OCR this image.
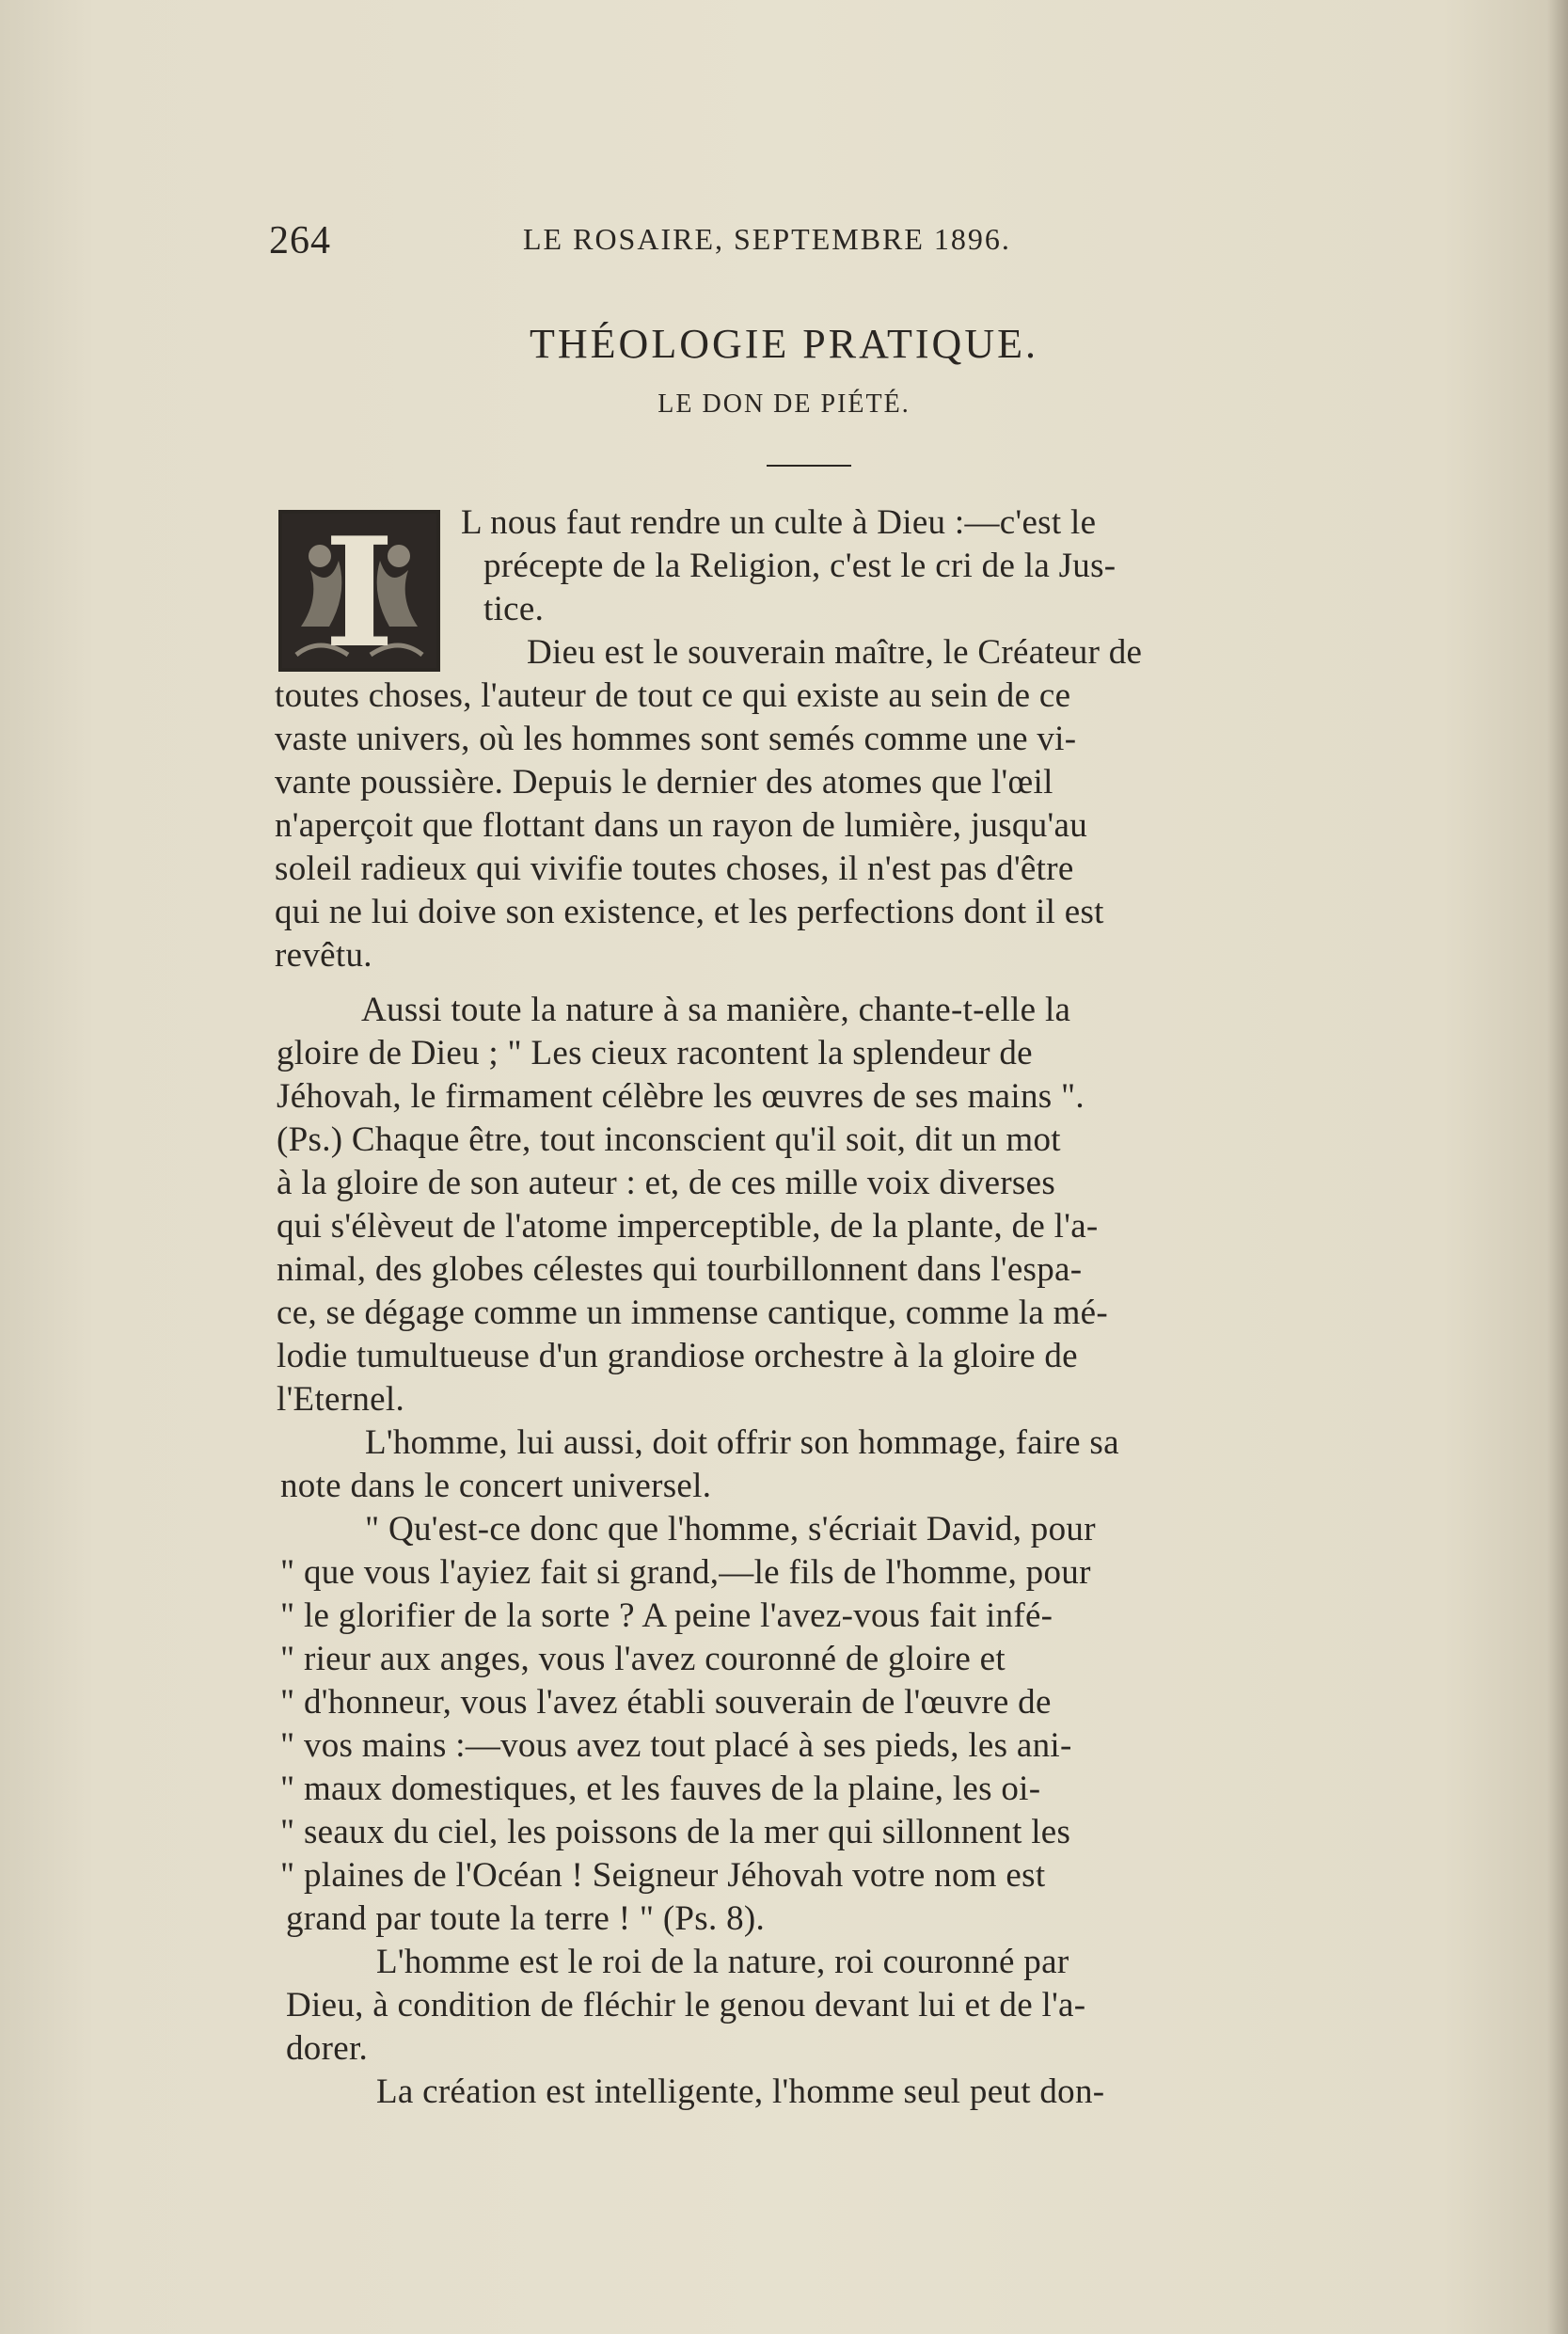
264	LE ROSAIRE, SEPTEMBRE 1896.
THÉOLOGIE PRATIQUE.
LE DON DE PIÉTÉ.
I	L nous faut rendre un culte à Dieu :—c'est le
précepte de la Religion, c'est le cri de la Jus-
tice.
Dieu est le souverain maître, le Créateur de
toutes choses, l'auteur de tout ce qui existe au sein de ce
vaste univers, où les hommes sont semés comme une vi-
vante poussière. Depuis le dernier des atomes que l'œil
n'aperçoit que flottant dans un rayon de lumière, jusqu'au
soleil radieux qui vivifie toutes choses, il n'est pas d'être
qui ne lui doive son existence, et les perfections dont il est
revêtu.
Aussi toute la nature à sa manière, chante-t-elle la
gloire de Dieu ; " Les cieux racontent la splendeur de
Jéhovah, le firmament célèbre les œuvres de ses mains ".
(Ps.) Chaque être, tout inconscient qu'il soit, dit un mot
à la gloire de son auteur : et, de ces mille voix diverses
qui s'élèveut de l'atome imperceptible, de la plante, de l'a-
nimal, des globes célestes qui tourbillonnent dans l'espa-
ce, se dégage comme un immense cantique, comme la mé-
lodie tumultueuse d'un grandiose orchestre à la gloire de
l'Eternel.
L'homme, lui aussi, doit offrir son hommage, faire sa
note dans le concert universel.
" Qu'est-ce donc que l'homme, s'écriait David, pour
" que vous l'ayiez fait si grand,—le fils de l'homme, pour
" le glorifier de la sorte ? A peine l'avez-vous fait infé-
" rieur aux anges, vous l'avez couronné de gloire et
" d'honneur, vous l'avez établi souverain de l'œuvre de
" vos mains :—vous avez tout placé à ses pieds, les ani-
" maux domestiques, et les fauves de la plaine, les oi-
" seaux du ciel, les poissons de la mer qui sillonnent les
" plaines de l'Océan ! Seigneur Jéhovah votre nom est
grand par toute la terre ! " (Ps. 8).
L'homme est le roi de la nature, roi couronné par
Dieu, à condition de fléchir le genou devant lui et de l'a-
dorer.
La création est intelligente, l'homme seul peut don-
